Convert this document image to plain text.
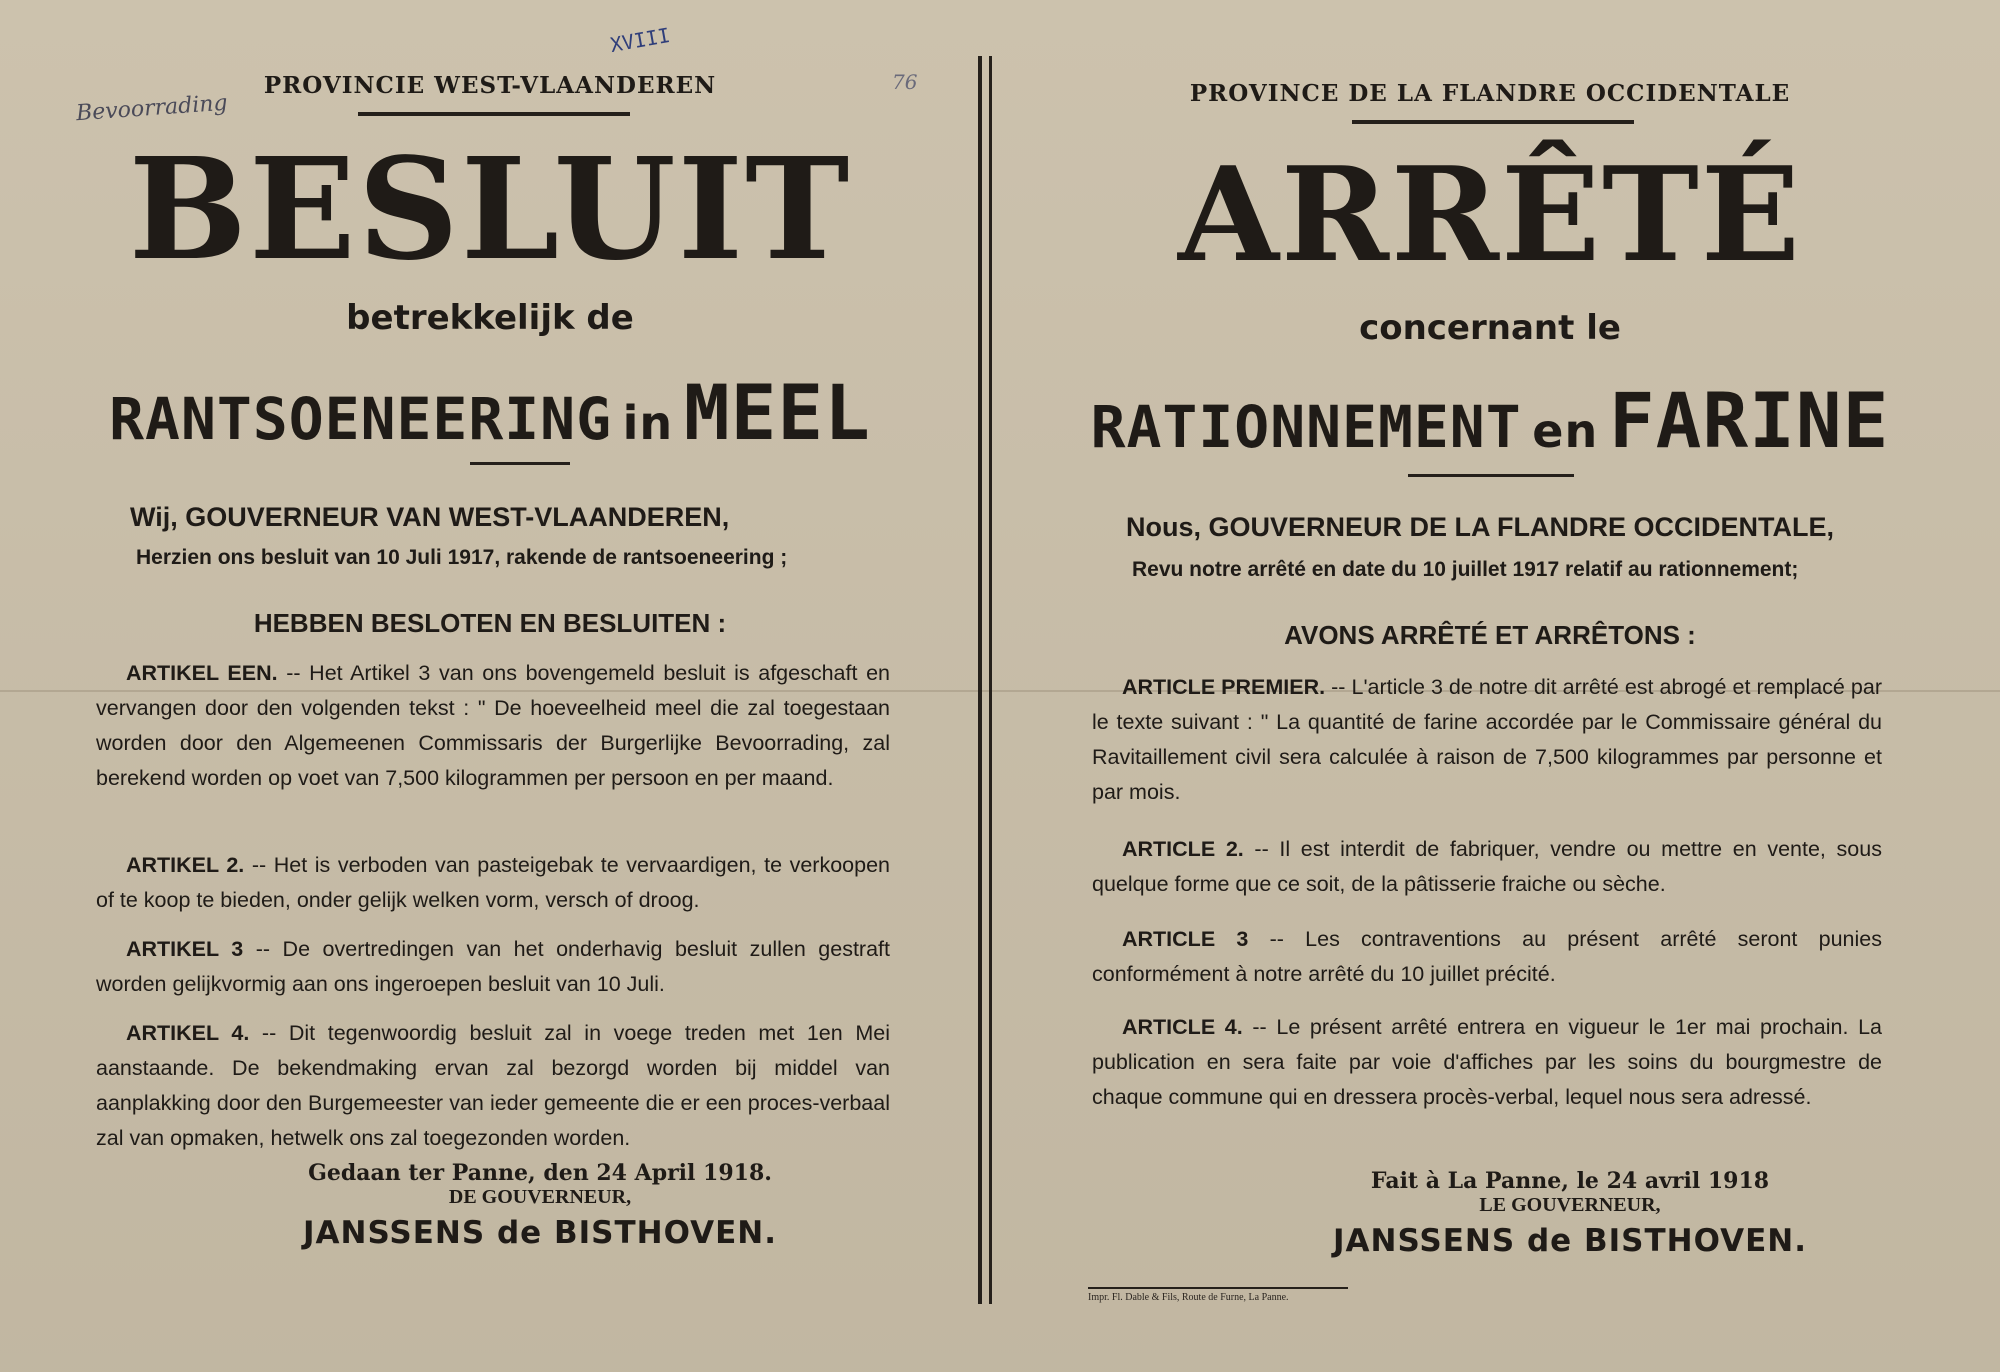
Bevoorrading
XVIII
76
PROVINCIE WEST-VLAANDEREN
BESLUIT
betrekkelijk de
RANTSOENEERING in MEEL
Wij, GOUVERNEUR VAN WEST-VLAANDEREN,
Herzien ons besluit van 10 Juli 1917, rakende de rantsoeneering ;
HEBBEN BESLOTEN EN BESLUITEN :
ARTIKEL EEN. -- Het Artikel 3 van ons bovengemeld besluit is afgeschaft en vervangen door den volgenden tekst : " De hoeveelheid meel die zal toegestaan worden door den Algemeenen Commissaris der Burgerlijke Bevoorrading, zal berekend worden op voet van 7,500 kilogrammen per persoon en per maand.
ARTIKEL 2. -- Het is verboden van pasteigebak te vervaardigen, te verkoopen of te koop te bieden, onder gelijk welken vorm, versch of droog.
ARTIKEL 3 -- De overtredingen van het onderhavig besluit zullen gestraft worden gelijkvormig aan ons ingeroepen besluit van 10 Juli.
ARTIKEL 4. -- Dit tegenwoordig besluit zal in voege treden met 1en Mei aanstaande. De bekendmaking ervan zal bezorgd worden bij middel van aanplakking door den Burgemeester van ieder gemeente die er een proces-verbaal zal van opmaken, hetwelk ons zal toegezonden worden.
Gedaan ter Panne, den 24 April 1918.
DE GOUVERNEUR,
JANSSENS de BISTHOVEN.
PROVINCE DE LA FLANDRE OCCIDENTALE
ARRÊTÉ
concernant le
RATIONNEMENT en FARINE
Nous, GOUVERNEUR DE LA FLANDRE OCCIDENTALE,
Revu notre arrêté en date du 10 juillet 1917 relatif au rationnement;
AVONS ARRÊTÉ ET ARRÊTONS :
ARTICLE PREMIER. -- L'article 3 de notre dit arrêté est abrogé et remplacé par le texte suivant : " La quantité de farine accordée par le Commissaire général du Ravitaillement civil sera calculée à raison de 7,500 kilogrammes par personne et par mois.
ARTICLE 2. -- Il est interdit de fabriquer, vendre ou mettre en vente, sous quelque forme que ce soit, de la pâtisserie fraiche ou sèche.
ARTICLE 3 -- Les contraventions au présent arrêté seront punies conformément à notre arrêté du 10 juillet précité.
ARTICLE 4. -- Le présent arrêté entrera en vigueur le 1er mai prochain. La publication en sera faite par voie d'affiches par les soins du bourgmestre de chaque commune qui en dressera procès-verbal, lequel nous sera adressé.
Fait à La Panne, le 24 avril 1918
LE GOUVERNEUR,
JANSSENS de BISTHOVEN.
Impr. Fl. Dable & Fils, Route de Furne, La Panne.
